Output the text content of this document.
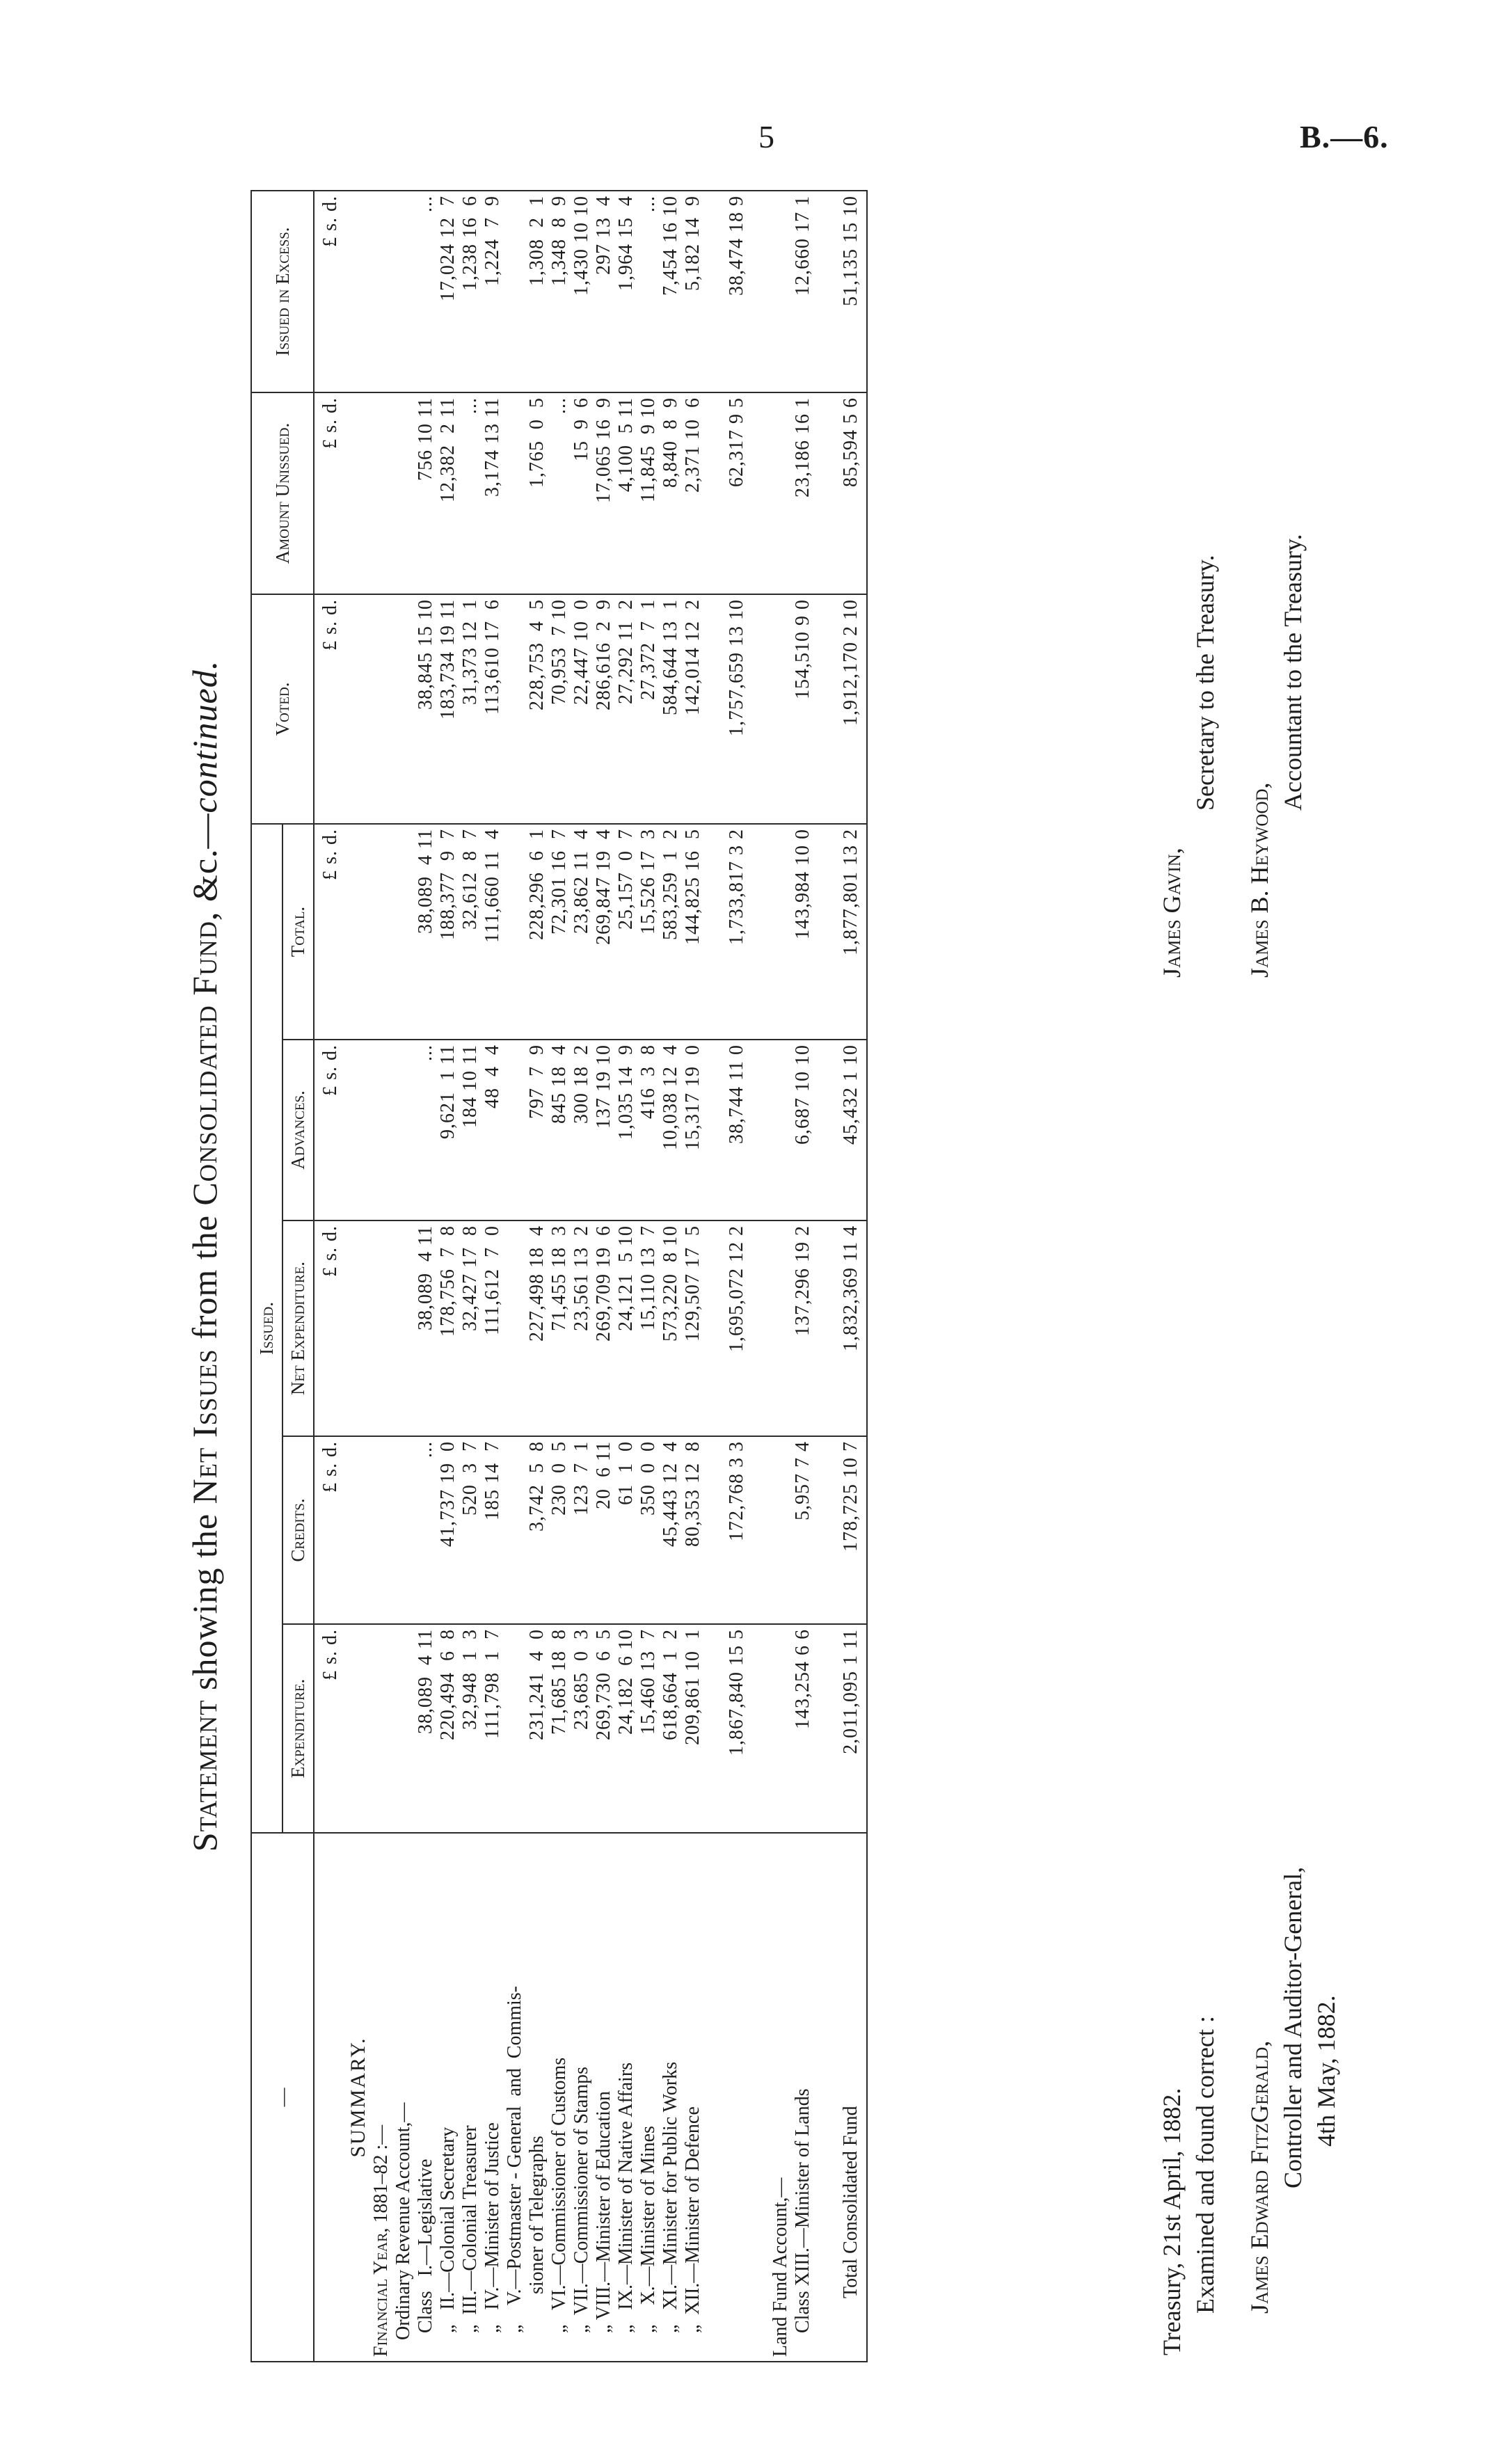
5	B.—6.
Statement showing the Net Issues from the Consolidated Fund, &c.—continued.
—	Issued.					Voted.	Amount Unissued.	Issued in Excess.
	Expenditure.	Credits.	Net Expenditure.	Advances.	Total.			
	£ s. d.	£ s. d.	£ s. d.	£ s. d.	£ s. d.	£ s. d.	£ s. d.	£ s. d.
SUMMARY.								
Financial Year, 1881–82 :—								
Ordinary Revenue Account,—								
Class   I.—Legislative	38,089  4 11	...	38,089  4 11	...	38,089  4 11	38,845 15 10	756 10 11	...
„   II.—Colonial Secretary	220,494  6  8	41,737 19  0	178,756  7  8	9,621  1 11	188,377  9  7	183,734 19 11	12,382  2 11	17,024 12  7
„  III.—Colonial Treasurer	32,948  1  3	520  3  7	32,427 17  8	184 10 11	32,612  8  7	31,373 12  1	...	1,238 16  6
„   IV.—Minister of Justice	111,798  1  7	185 14  7	111,612  7  0	48  4  4	111,660 11  4	113,610 17  6	3,174 13 11	1,224  7  9
„    V.—Postmaster - General  and  Commis-								
sioner of Telegraphs	231,241  4  0	3,742  5  8	227,498 18  4	797  7  9	228,296  6  1	228,753  4  5	1,765  0  5	1,308  2  1
„   VI.—Commissioner of Customs	71,685 18  8	230  0  5	71,455 18  3	845 18  4	72,301 16  7	70,953  7 10	...	1,348  8  9
„  VII.—Commissioner of Stamps	23,685  0  3	123  7  1	23,561 13  2	300 18  2	23,862 11  4	22,447 10  0	15  9  6	1,430 10 10
„ VIII.—Minister of Education	269,730  6  5	20  6 11	269,709 19  6	137 19 10	269,847 19  4	286,616  2  9	17,065 16  9	297 13  4
„   IX.—Minister of Native Affairs	24,182  6 10	61  1  0	24,121  5 10	1,035 14  9	25,157  0  7	27,292 11  2	4,100  5 11	1,964 15  4
„    X.—Minister of Mines	15,460 13  7	350  0  0	15,110 13  7	416  3  8	15,526 17  3	27,372  7  1	11,845  9 10	...
„   XI.—Minister for Public Works	618,664  1  2	45,443 12  4	573,220  8 10	10,038 12  4	583,259  1  2	584,644 13  1	8,840  8  9	7,454 16 10
„  XII.—Minister of Defence	209,861 10  1	80,353 12  8	129,507 17  5	15,317 19  0	144,825 16  5	142,014 12  2	2,371 10  6	5,182 14  9

	1,867,840 15 5	172,768 3 3	1,695,072 12 2	38,744 11 0	1,733,817 3 2	1,757,659 13 10	62,317 9 5	38,474 18 9

Land Fund Account,—								
Class XIII.—Minister of Lands	143,254 6 6	5,957 7 4	137,296 19 2	6,687 10 10	143,984 10 0	154,510 9 0	23,186 16 1	12,660 17 1

Total Consolidated Fund	2,011,095 1 11	178,725 10 7	1,832,369 11 4	45,432 1 10	1,877,801 13 2	1,912,170 2 10	85,594 5 6	51,135 15 10
Treasury, 21st April, 1882. Examined and found correct : James Edward FitzGerald, Controller and Auditor-General, 4th May, 1882.
James Gavin,
Secretary to the Treasury.
James B. Heywood,
Accountant to the Treasury.
